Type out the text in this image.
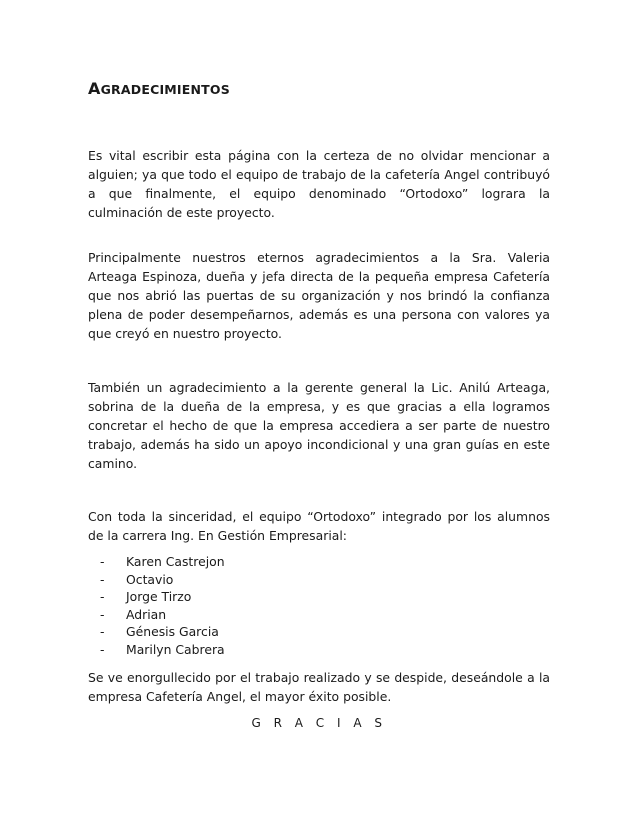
AGRADECIMIENTOS

Es vital escribir esta página con la certeza de no olvidar mencionar a alguien; ya que todo el equipo de trabajo de la cafetería Angel contribuyó a que finalmente, el equipo denominado “Ortodoxo” lograra la culminación de este proyecto.

Principalmente nuestros eternos agradecimientos a la Sra. Valeria Arteaga Espinoza, dueña y jefa directa de la pequeña empresa Cafetería que nos abrió las puertas de su organización y nos brindó la confianza plena de poder desempeñarnos, además es una persona con valores ya que creyó en nuestro proyecto.

También un agradecimiento a la gerente general la Lic. Anilú Arteaga, sobrina de la dueña de la empresa, y es que gracias a ella logramos concretar el hecho de que la empresa accediera a ser parte de nuestro trabajo, además ha sido un apoyo incondicional y una gran guías en este camino.

Con toda la sinceridad, el equipo “Ortodoxo” integrado por los alumnos de la carrera Ing. En Gestión Empresarial:

-	Karen Castrejon
-	Octavio
-	Jorge Tirzo
-	Adrian
-	Génesis Garcia
-	Marilyn Cabrera

Se ve enorgullecido por el trabajo realizado y se despide, deseándole a la empresa Cafetería Angel, el mayor éxito posible.

G R A C I A S
